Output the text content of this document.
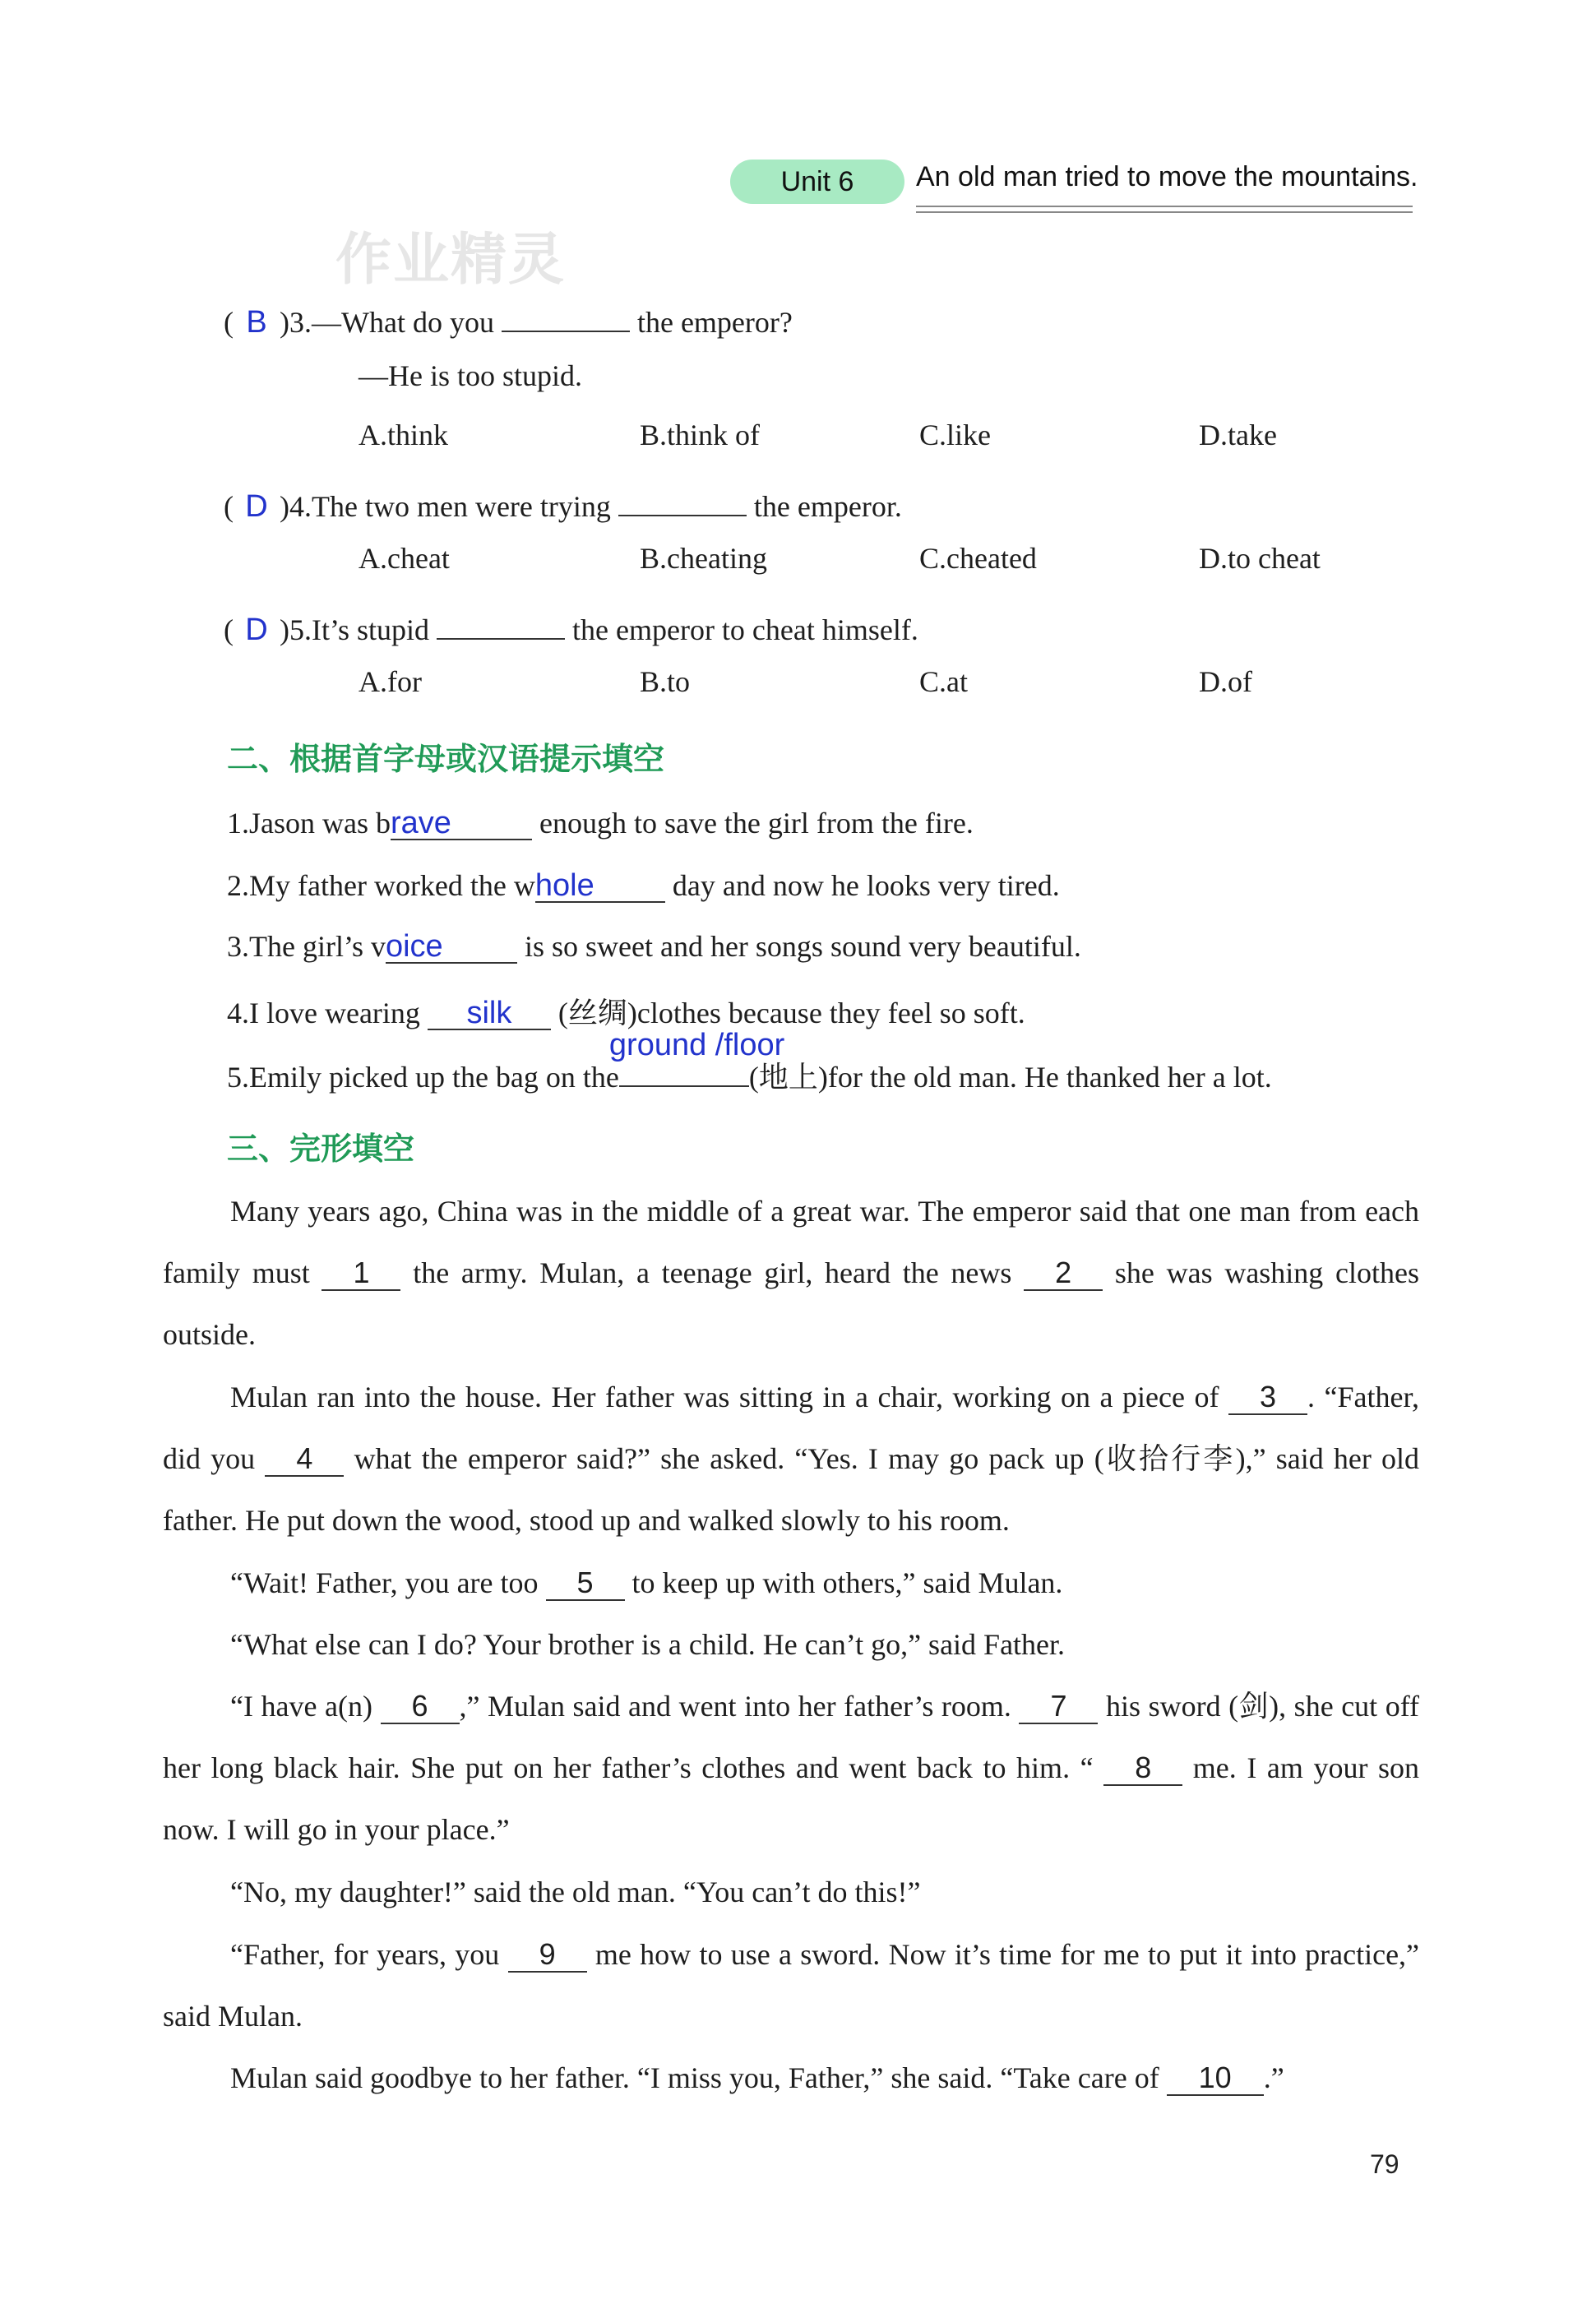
Unit 6	An old man tried to move the mountains.
作业精灵
( B )3.—What do you	the emperor?
—He is too stupid.
A.think	B.think of	C.like	D.take
( D )4.The two men were trying	the emperor.
A.cheat	B.cheating	C.cheated	D.to cheat
( D )5.It’s stupid	the emperor to cheat himself.
A.for	B.to	C.at	D.of
二、根据首字母或汉语提示填空
1.Jason was brave	enough to save the girl from the fire.
2.My father worked the whole	day and now he looks very tired.
3.The girl’s voice	is so sweet and her songs sound very beautiful.
4.I love wearing silk (丝绸)clothes because they feel so soft.
5.Emily picked up the bag on the
ground /floor
(地上)for the old man. He thanked her a lot.
三、完形填空
Many years ago, China was in the middle of a great war. The emperor said that one man from each family must 1 the army. Mulan, a teenage girl, heard the news 2 she was washing clothes outside.
Mulan ran into the house. Her father was sitting in a chair, working on a piece of 3 . “Father, did you 4 what the emperor said?” she asked. “Yes. I may go pack up (收拾行李),” said her old father. He put down the wood, stood up and walked slowly to his room.
“Wait! Father, you are too 5 to keep up with others,” said Mulan.
“What else can I do? Your brother is a child. He can’t go,” said Father.
“I have a(n) 6 ,” Mulan said and went into her father’s room. 7 his sword (剑), she cut off her long black hair. She put on her father’s clothes and went back to him. “ 8 me. I am your son now. I will go in your place.”
“No, my daughter!” said the old man. “You can’t do this!”
“Father, for years, you 9 me how to use a sword. Now it’s time for me to put it into practice,” said Mulan.
Mulan said goodbye to her father. “I miss you, Father,” she said. “Take care of 10 .”
79
